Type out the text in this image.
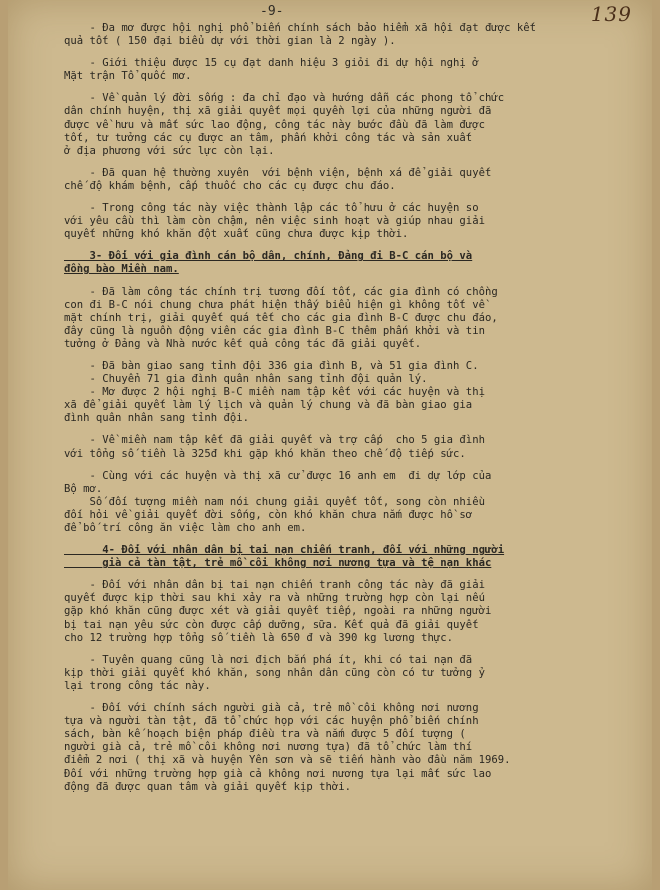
-9-	139
- Đa mơ được hội nghị phổ biến chính sách bảo hiểm xã hội đạt được kết
quả tốt ( 150 đại biểu dự với thời gian là 2 ngày ).
- Giới thiệu được 15 cụ đạt danh hiệu 3 giỏi đi dự hội nghị ở
Mặt trận Tổ quốc mơ.
- Về quản lý đời sống : đa chỉ đạo và hướng dẫn các phong tổ chức
dân chính huyện, thị xã giải quyết mọi quyền lợi của những người đã
được về hưu và mất sức lao động, công tác này bước đầu đã làm được
tốt, tư tưởng các cụ được an tâm, phấn khởi công tác và sản xuất
ở địa phương với sức lực còn lại.
- Đã quan hệ thường xuyên  với bệnh viện, bệnh xá để giải quyết
chế độ khám bệnh, cấp thuốc cho các cụ được chu đáo.
- Trong công tác này việc thành lập các tổ hưu ở các huyện so
với yêu cầu thì làm còn chậm, nên việc sinh hoạt và giúp nhau giải
quyết những khó khăn đột xuất cũng chưa được kịp thời.
3- Đối với gia đình cán bộ dân, chính, Đảng đi B-C cán bộ và
đồng bào Miền nam.
- Đã làm công tác chính trị tương đối tốt, các gia đình có chồng
con đi B-C nói chung chưa phát hiện thấy biểu hiện gì không tốt về
mặt chính trị, giải quyết quá tết cho các gia đình B-C được chu đáo,
đây cũng là nguồn động viên các gia đình B-C thêm phấn khởi và tin
tưởng ở Đảng và Nhà nước kết quả công tác đã giải quyết.
- Đã bàn giao sang tỉnh đội 336 gia đình B, và 51 gia đình C.
- Chuyển 71 gia đình quân nhân sang tỉnh đội quản lý.
- Mơ được 2 hội nghị B-C miền nam tập kết với các huyện và thị
xã để giải quyết làm lý lịch và quản lý chung và đã bàn giao gia
đình quân nhân sang tỉnh đội.
- Về miền nam tập kết đã giải quyết và trợ cấp  cho 5 gia đình
với tổng số tiền là 325đ khi gặp khó khăn theo chế độ tiếp sức.
- Cùng với các huyện và thị xã cử được 16 anh em  đi dự lớp của
Bộ mơ.
Số đối tượng miền nam nói chung giải quyết tốt, song còn nhiều
đối hỏi về giải quyết đời sống, còn khó khăn chưa nắm được hồ sơ
để bố trí công ăn việc làm cho anh em.
4- Đối với nhân dân bị tai nạn chiến tranh, đối với những người
già cả tàn tật, trẻ mồ côi không nơi nương tựa và tệ nạn khác
- Đối với nhân dân bị tai nạn chiến tranh công tác này đã giải
quyết được kịp thời sau khi xảy ra và những trường hợp còn lại nếu
gặp khó khăn cũng được xét và giải quyết tiếp, ngoài ra những người
bị tai nạn yêu sức còn được cấp dưỡng, sữa. Kết quả đã giải quyết
cho 12 trường hợp tổng số tiền là 650 đ và 390 kg lương thực.
- Tuyên quang cũng là nơi địch bắn phá ít, khi có tai nạn đã
kịp thời giải quyết khó khăn, song nhân dân cũng còn có tư tưởng ỷ
lại trong công tác này.
- Đối với chính sách người già cả, trẻ mồ côi không nơi nương
tựa và người tàn tật, đã tổ chức họp với các huyện phổ biến chính
sách, bàn kế hoạch biện pháp điều tra và nắm được 5 đối tượng (
người già cả, trẻ mồ côi không nơi nương tựa) đã tổ chức làm thí
điểm 2 nơi ( thị xã và huyện Yên sơn và sẽ tiến hành vào đầu năm 1969.
Đối với những trường hợp già cả không nơi nương tựa lại mất sức lao
động đã được quan tâm và giải quyết kịp thời.
